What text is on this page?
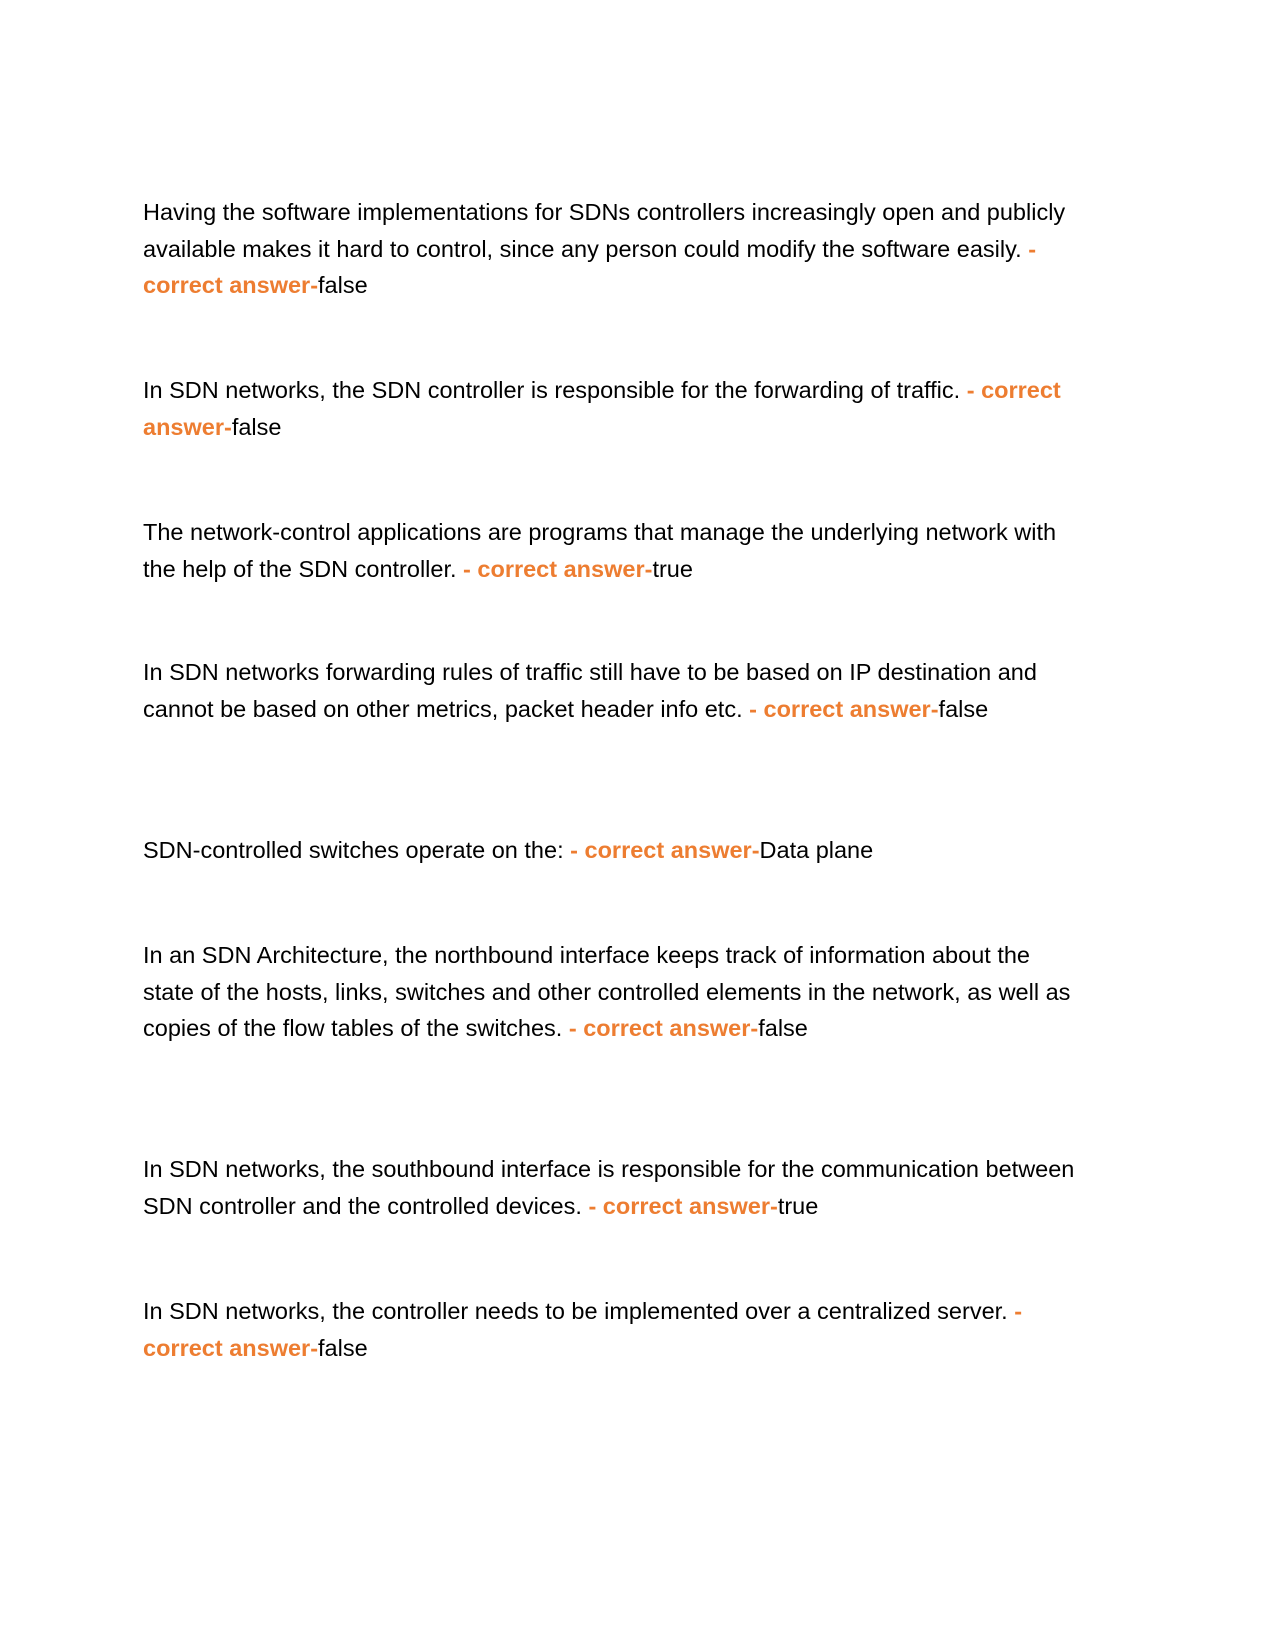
Having the software implementations for SDNs controllers increasingly open and publicly available makes it hard to control, since any person could modify the software easily. - correct answer-false

In SDN networks, the SDN controller is responsible for the forwarding of traffic. - correct answer-false

The network-control applications are programs that manage the underlying network with the help of the SDN controller. - correct answer-true

In SDN networks forwarding rules of traffic still have to be based on IP destination and cannot be based on other metrics, packet header info etc. - correct answer-false

SDN-controlled switches operate on the: - correct answer-Data plane

In an SDN Architecture, the northbound interface keeps track of information about the state of the hosts, links, switches and other controlled elements in the network, as well as copies of the flow tables of the switches. - correct answer-false

In SDN networks, the southbound interface is responsible for the communication between SDN controller and the controlled devices. - correct answer-true

In SDN networks, the controller needs to be implemented over a centralized server. - correct answer-false
